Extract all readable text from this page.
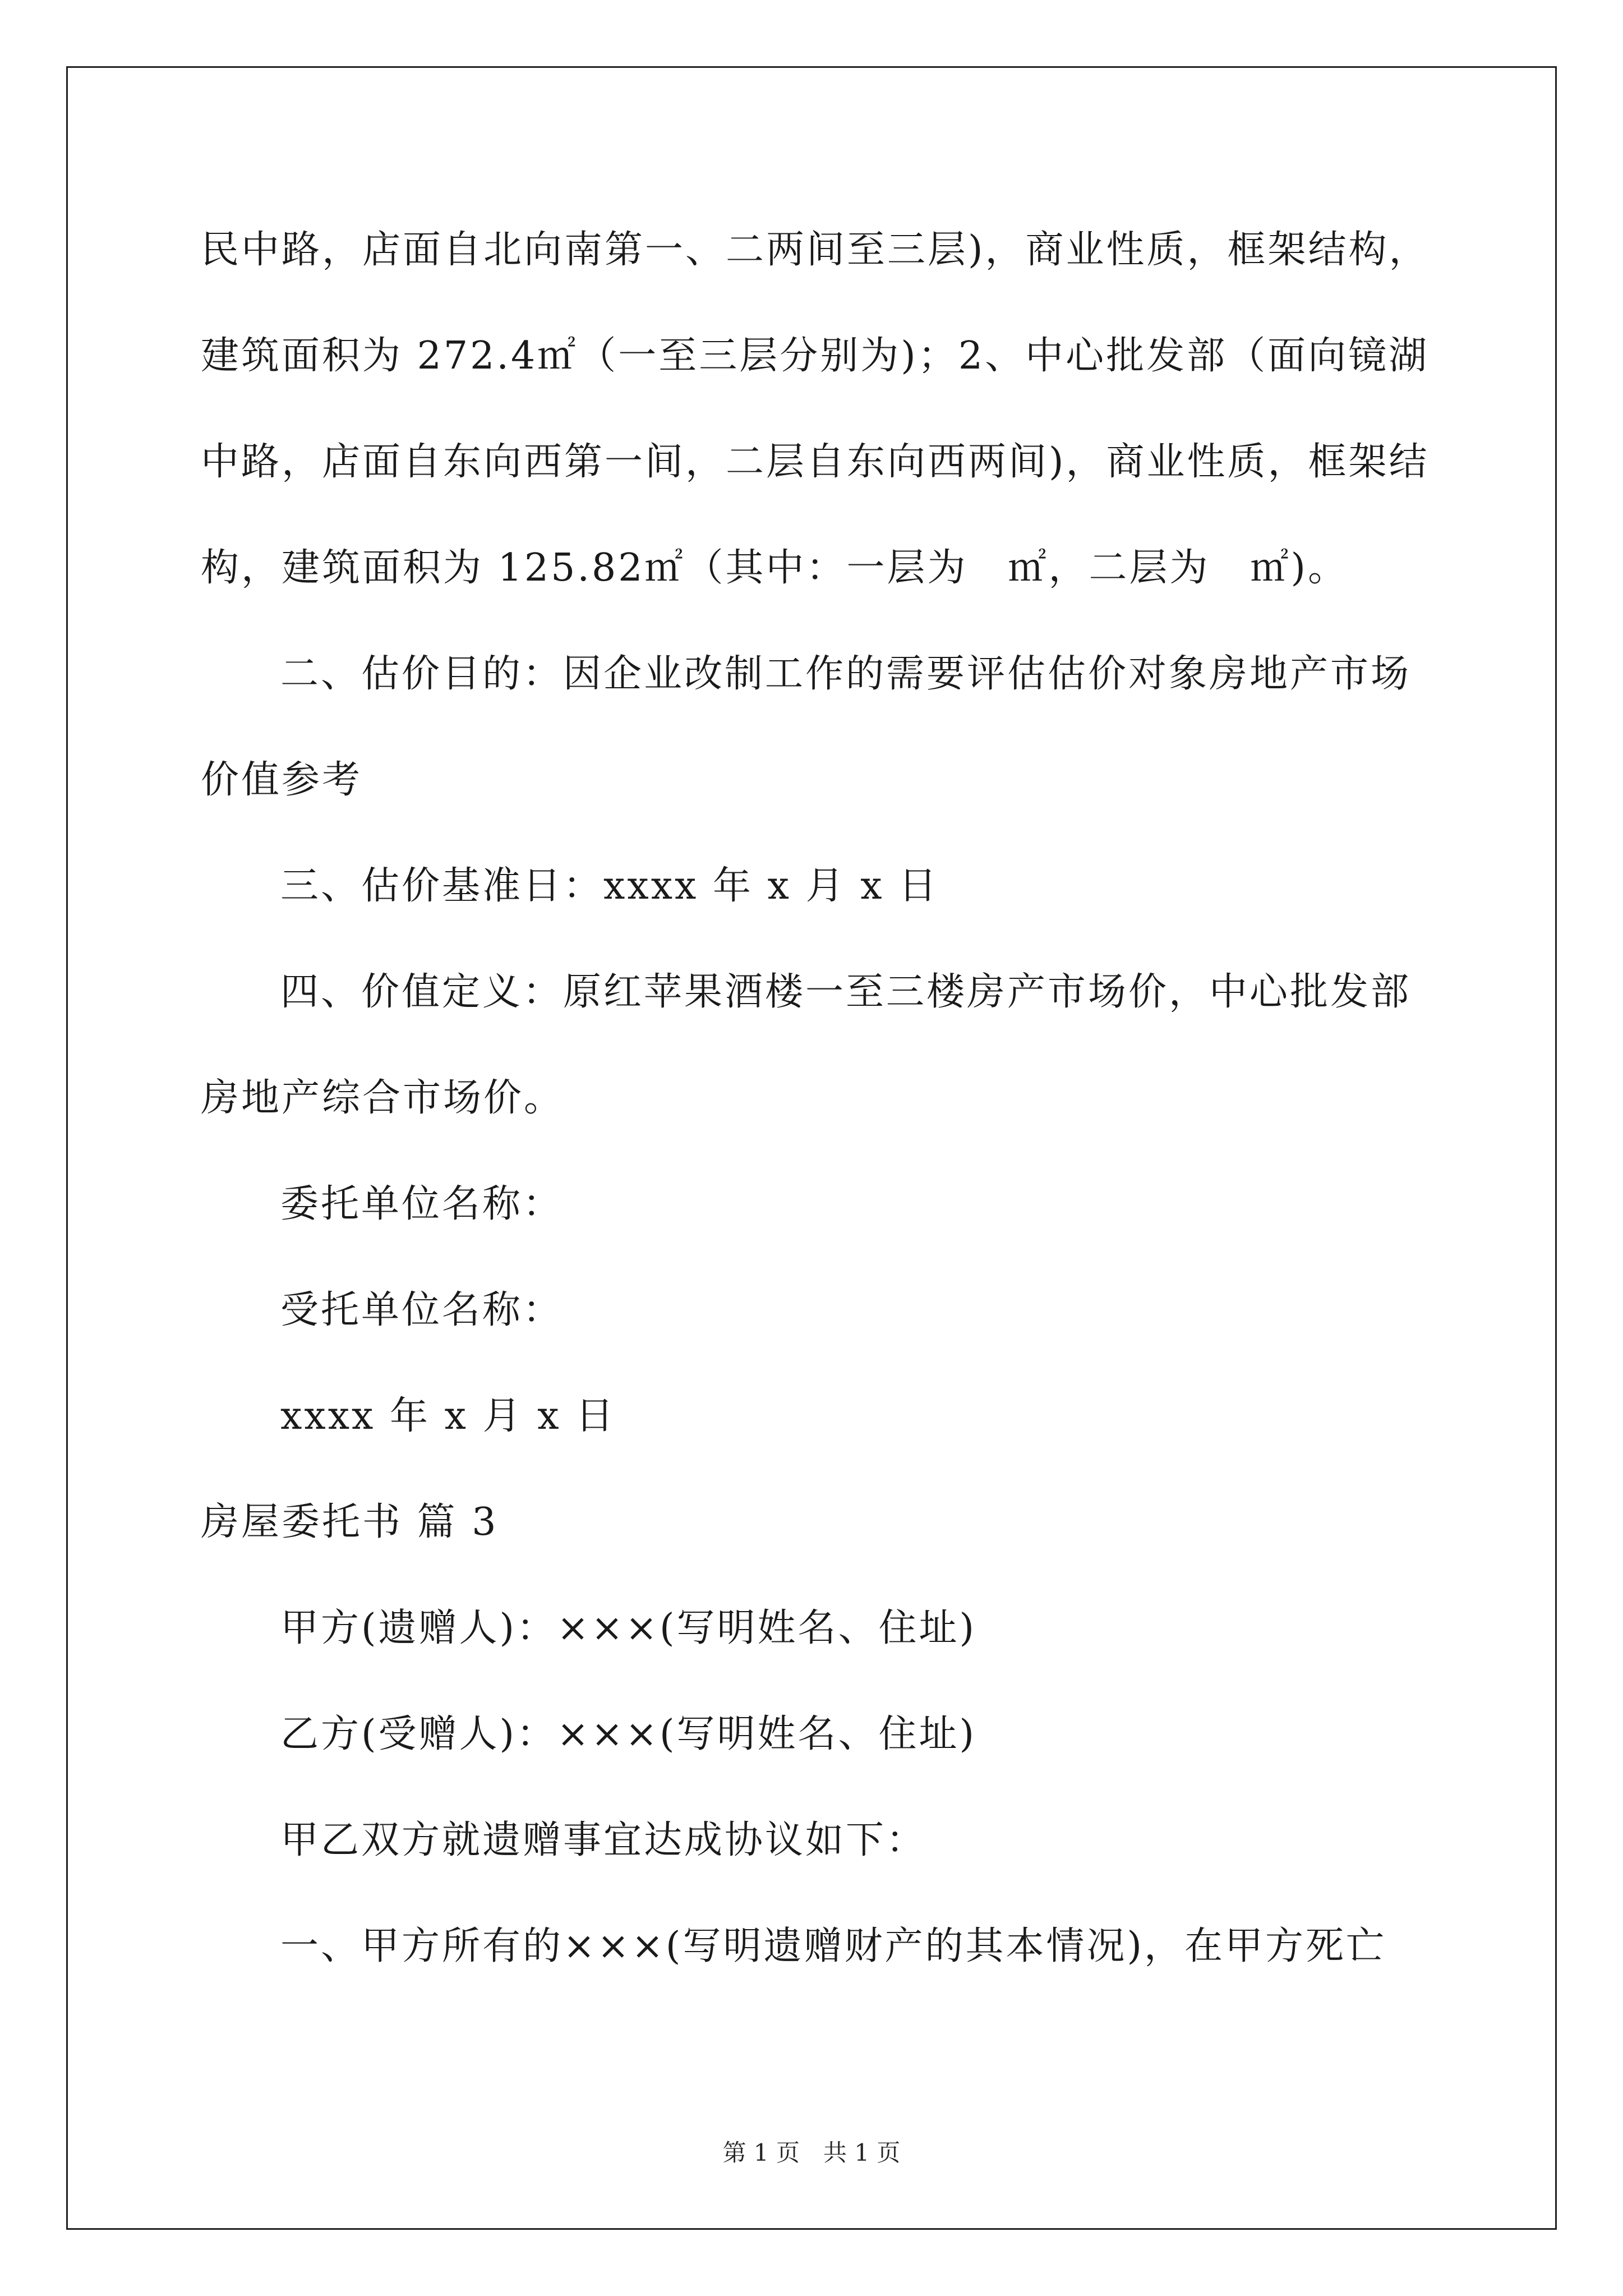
民中路，店面自北向南第一、二两间至三层)，商业性质，框架结构，
建筑面积为 272.4㎡（一至三层分别为)；2、中心批发部（面向镜湖
中路，店面自东向西第一间，二层自东向西两间)，商业性质，框架结
构，建筑面积为 125.82㎡（其中：一层为　㎡，二层为　㎡)。
二、估价目的：因企业改制工作的需要评估估价对象房地产市场
价值参考
三、估价基准日：xxxx 年 x 月 x 日
四、价值定义：原红苹果酒楼一至三楼房产市场价，中心批发部
房地产综合市场价。
委托单位名称：
受托单位名称：
xxxx 年 x 月 x 日
房屋委托书 篇 3
甲方(遗赠人)：×××(写明姓名、住址)
乙方(受赠人)：×××(写明姓名、住址)
甲乙双方就遗赠事宜达成协议如下：
一、甲方所有的×××(写明遗赠财产的其本情况)，在甲方死亡
第 1 页　共 1 页
